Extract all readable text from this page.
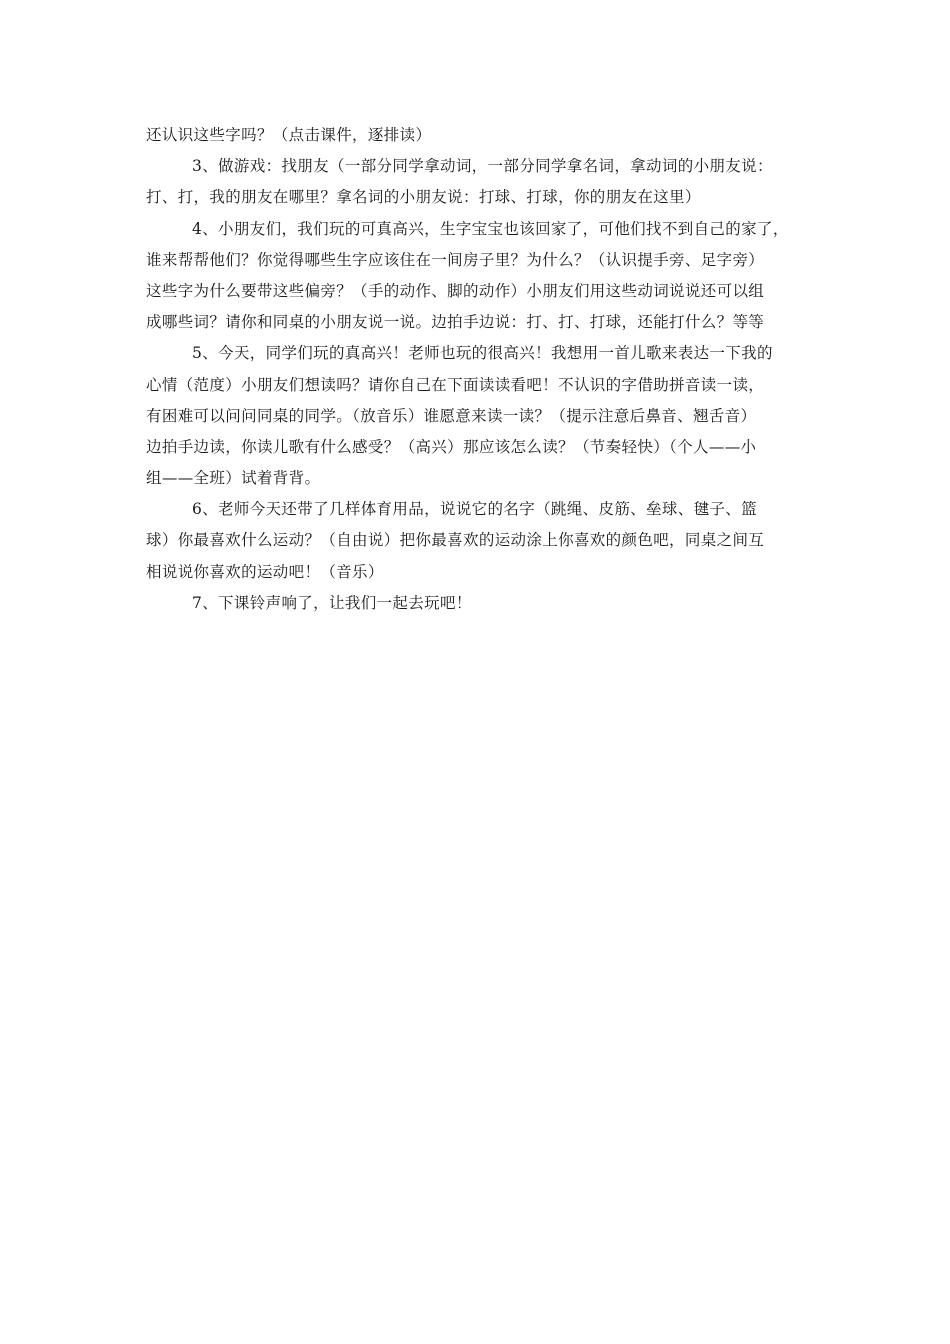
还认识这些字吗？（点击课件，逐排读）
3、做游戏：找朋友（一部分同学拿动词，一部分同学拿名词，拿动词的小朋友说：
打、打，我的朋友在哪里？拿名词的小朋友说：打球、打球，你的朋友在这里）
4、小朋友们，我们玩的可真高兴，生字宝宝也该回家了，可他们找不到自己的家了，
谁来帮帮他们？你觉得哪些生字应该住在一间房子里？为什么？（认识提手旁、足字旁）
这些字为什么要带这些偏旁？（手的动作、脚的动作）小朋友们用这些动词说说还可以组
成哪些词？请你和同桌的小朋友说一说。边拍手边说：打、打、打球，还能打什么？等等
5、今天，同学们玩的真高兴！老师也玩的很高兴！我想用一首儿歌来表达一下我的
心情（范度）小朋友们想读吗？请你自己在下面读读看吧！不认识的字借助拼音读一读，
有困难可以问问同桌的同学。（放音乐）谁愿意来读一读？（提示注意后鼻音、翘舌音）
边拍手边读，你读儿歌有什么感受？（高兴）那应该怎么读？（节奏轻快）（个人——小
组——全班）试着背背。
6、老师今天还带了几样体育用品，说说它的名字（跳绳、皮筋、垒球、毽子、篮
球）你最喜欢什么运动？（自由说）把你最喜欢的运动涂上你喜欢的颜色吧，同桌之间互
相说说你喜欢的运动吧！（音乐）
7、下课铃声响了，让我们一起去玩吧！
